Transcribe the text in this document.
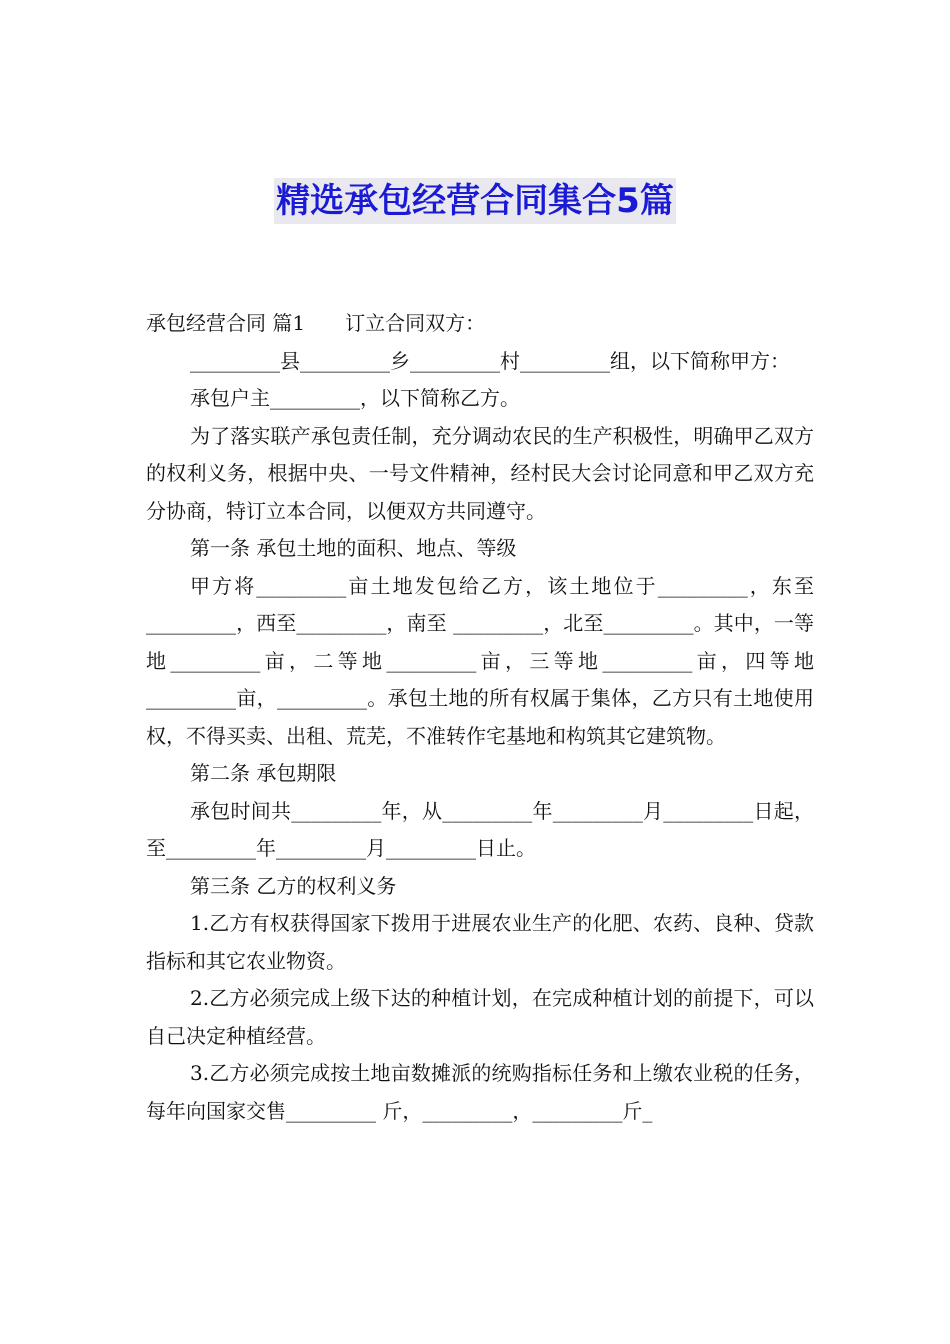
精选承包经营合同集合5篇

承包经营合同 篇1　　订立合同双方：

_________县_________乡_________村_________组，以下简称甲方：

承包户主_________，以下简称乙方。

为了落实联产承包责任制，充分调动农民的生产积极性，明确甲乙双方的权利义务，根据中央、一号文件精神，经村民大会讨论同意和甲乙双方充分协商，特订立本合同，以便双方共同遵守。

第一条 承包土地的面积、地点、等级

甲方将_________亩土地发包给乙方，该土地位于_________，东至_________，西至_________，南至 _________，北至_________。其中，一等地_________亩，二等地_________亩，三等地_________亩，四等地 _________亩，_________。承包土地的所有权属于集体，乙方只有土地使用权，不得买卖、出租、荒芜，不准转作宅基地和构筑其它建筑物。

第二条 承包期限

承包时间共_________年，从_________年_________月_________日起，至_________年_________月_________日止。

第三条 乙方的权利义务

1.乙方有权获得国家下拨用于进展农业生产的化肥、农药、良种、贷款指标和其它农业物资。

2.乙方必须完成上级下达的种植计划，在完成种植计划的前提下，可以自己决定种植经营。

3.乙方必须完成按土地亩数摊派的统购指标任务和上缴农业税的任务，每年向国家交售_________ 斤，_________，_________斤_
